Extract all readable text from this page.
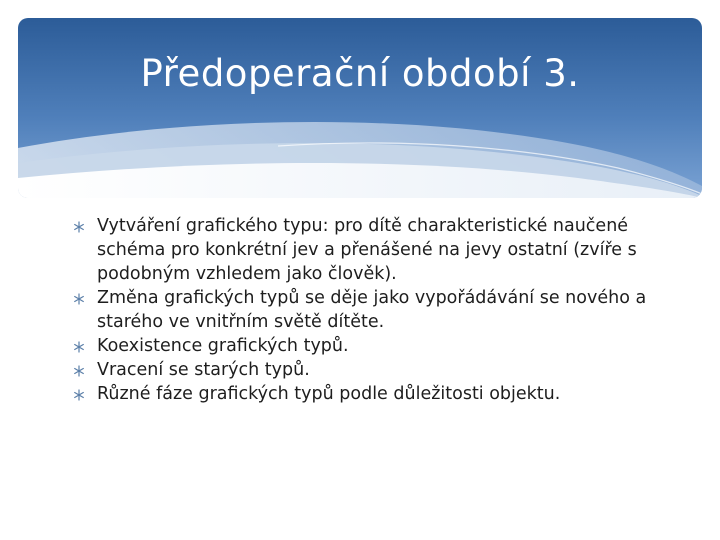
Předoperační období 3.
Vytváření grafického typu: pro dítě charakteristické naučené schéma pro konkrétní jev a přenášené na jevy ostatní (zvíře s podobným vzhledem jako člověk).
Změna grafických typů se děje jako vypořádávání se nového a starého ve vnitřním světě dítěte.
Koexistence grafických typů.
Vracení se starých typů.
Různé fáze grafických typů podle důležitosti objektu.
